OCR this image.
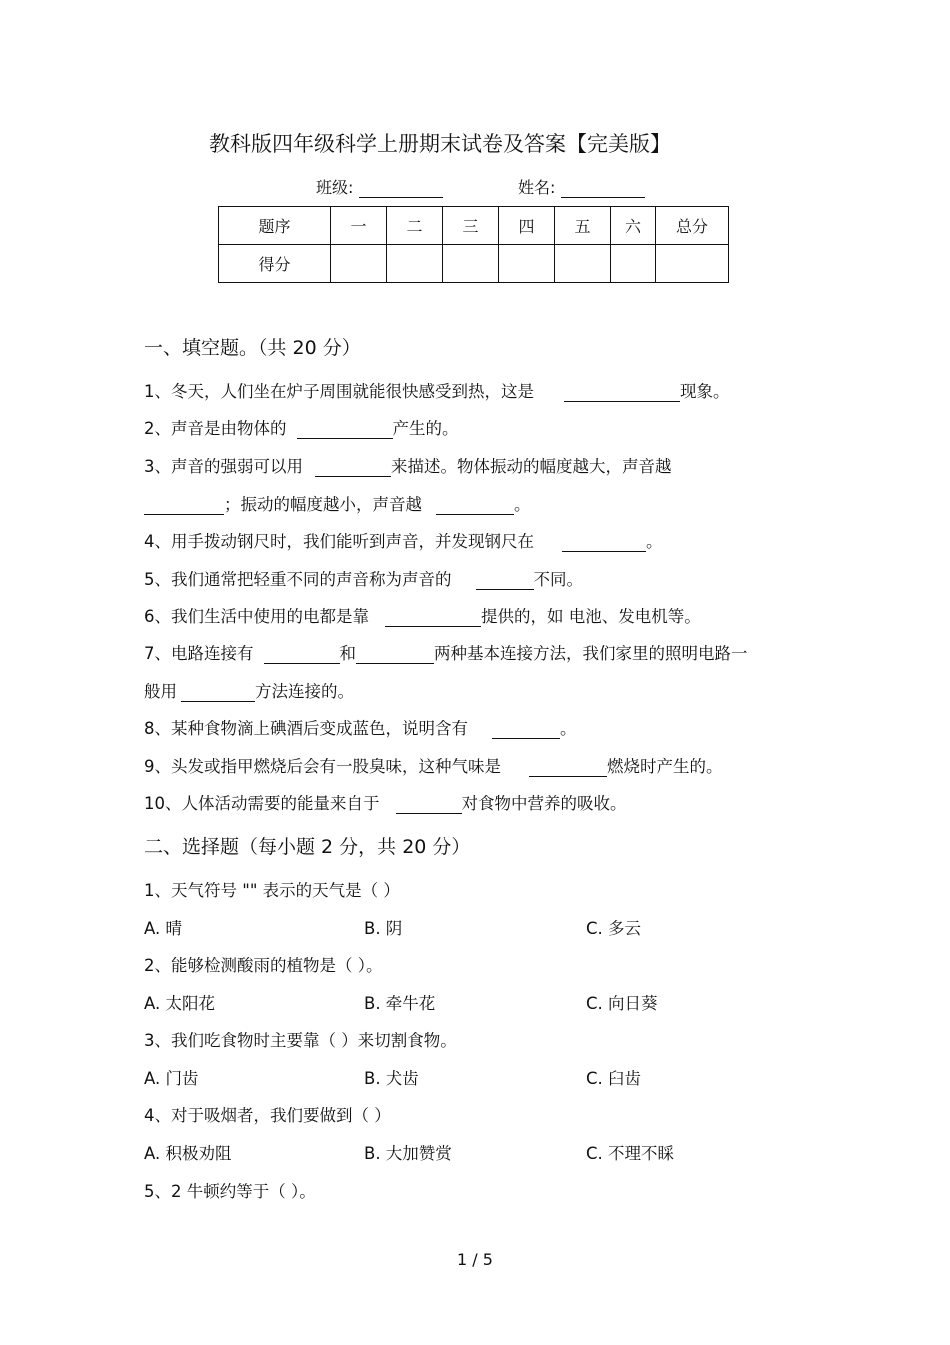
教科版四年级科学上册期末试卷及答案【完美版】
班级:	姓名:
题序	一	二	三	四	五	六	总分
得分							
一、填空题。（共 20 分）
1、冬天，人们坐在炉子周围就能很快感受到热，这是	现象。
2、声音是由物体的	产生的。
3、声音的强弱可以用	来描述。物体振动的幅度越大，声音越
；振动的幅度越小，声音越	。
4、用手拨动钢尺时，我们能听到声音，并发现钢尺在	。
5、我们通常把轻重不同的声音称为声音的	不同。
6、我们生活中使用的电都是靠	提供的，如 电池、发电机等。
7、电路连接有	和	两种基本连接方法，我们家里的照明电路一
般用	方法连接的。
8、某种食物滴上碘酒后变成蓝色，说明含有	。
9、头发或指甲燃烧后会有一股臭味，这种气味是	燃烧时产生的。
10、人体活动需要的能量来自于	对食物中营养的吸收。
二、选择题（每小题 2 分，共 20 分）
1、天气符号 "" 表示的天气是（ ）
A. 晴	B. 阴	C. 多云
2、能够检测酸雨的植物是（ ）。
A. 太阳花	B. 牵牛花	C. 向日葵
3、我们吃食物时主要靠（ ）来切割食物。
A. 门齿	B. 犬齿	C. 臼齿
4、对于吸烟者，我们要做到（ ）
A. 积极劝阻	B. 大加赞赏	C. 不理不睬
5、2 牛顿约等于（ ）。
1 / 5
